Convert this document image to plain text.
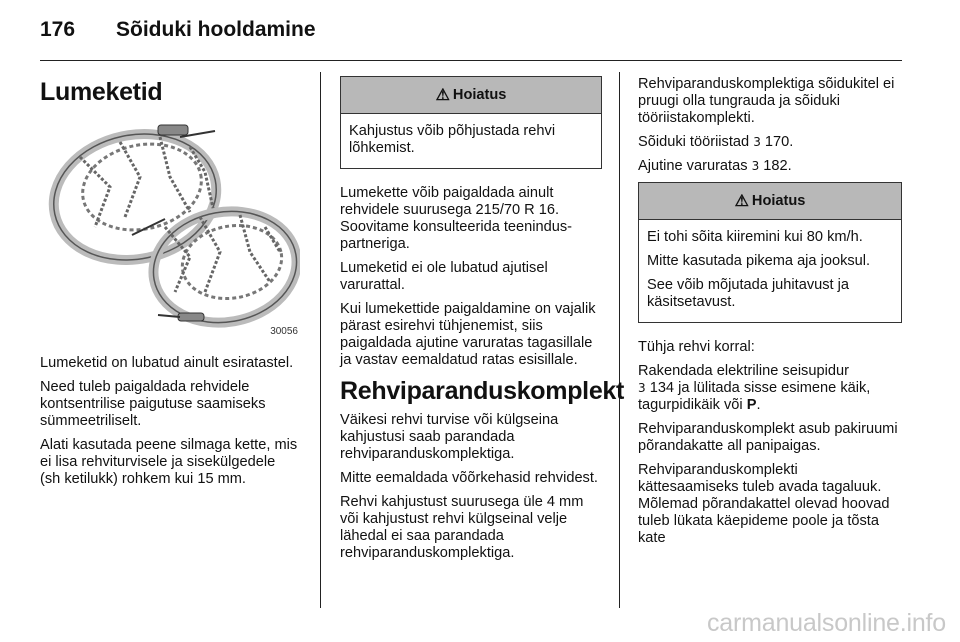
176	Sõiduki hooldamine
Lumeketid
30056

Lumeketid on lubatud ainult esiratastel.

Need tuleb paigaldada rehvidele kontsentrilise paigutuse saamiseks sümmeetriliselt.

Alati kasutada peene silmaga kette, mis ei lisa rehviturvisele ja sisekülgedele (sh ketilukk) rohkem kui 15 mm.

⚠ Hoiatus

Kahjustus võib põhjustada rehvi lõhkemist.

Lumekette võib paigaldada ainult rehvidele suurusega 215/70 R 16. Soovitame konsulteerida teeninduspartneriga.

Lumeketid ei ole lubatud ajutisel varurattal.

Kui lumekettide paigaldamine on vajalik pärast esirehvi tühjenemist, siis paigaldada ajutine varuratas tagasillale ja vastav eemaldatud ratas esisillale.

Rehviparanduskomplekt

Väikesi rehvi turvise või külgseina kahjustusi saab parandada rehviparanduskomplektiga.

Mitte eemaldada võõrkehasid rehvidest.

Rehvi kahjustust suurusega üle 4 mm või kahjustust rehvi külgseinal velje lähedal ei saa parandada rehviparanduskomplektiga.

Rehviparanduskomplektiga sõidukitel ei pruugi olla tungrauda ja sõiduki tööriistakomplekti.

Sõiduki tööriistad 3 170.

Ajutine varuratas 3 182.

⚠ Hoiatus

Ei tohi sõita kiiremini kui 80 km/h.

Mitte kasutada pikema aja jooksul.

See võib mõjutada juhitavust ja käsitsetavust.

Tühja rehvi korral:

Rakendada elektriline seisupidur
3 134 ja lülitada sisse esimene käik, tagurpidikäik või P.

Rehviparanduskomplekt asub pakiruumi põrandakatte all panipaigas.

Rehviparanduskomplekti kättesaamiseks tuleb avada tagaluuk. Mõlemad põrandakattel olevad hoovad tuleb lükata käepideme poole ja tõsta kate

carmanualsonline.info
